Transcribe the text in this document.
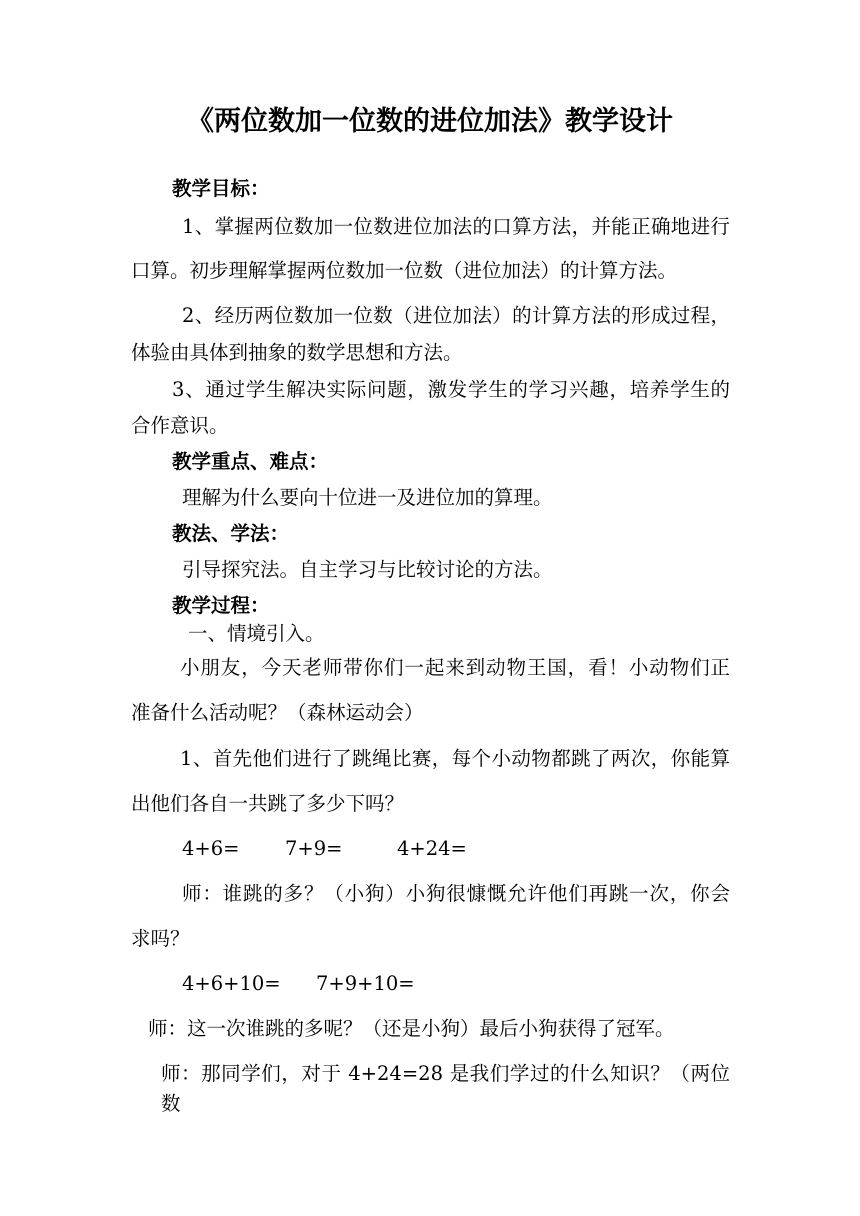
《两位数加一位数的进位加法》教学设计
教学目标：
1、掌握两位数加一位数进位加法的口算方法，并能正确地进行
口算。初步理解掌握两位数加一位数（进位加法）的计算方法。
2、经历两位数加一位数（进位加法）的计算方法的形成过程，
体验由具体到抽象的数学思想和方法。
3、通过学生解决实际问题，激发学生的学习兴趣，培养学生的
合作意识。
教学重点、难点：
理解为什么要向十位进一及进位加的算理。
教法、学法：
引导探究法。自主学习与比较讨论的方法。
教学过程：
一、情境引入。
小朋友，今天老师带你们一起来到动物王国，看！小动物们正
准备什么活动呢？（森林运动会）
1、首先他们进行了跳绳比赛，每个小动物都跳了两次，你能算
出他们各自一共跳了多少下吗？
4+6= 7+9=	4+24=
师：谁跳的多？（小狗）小狗很慷慨允许他们再跳一次，你会
求吗？
4+6+10= 7+9+10=
师：这一次谁跳的多呢？（还是小狗）最后小狗获得了冠军。
师：那同学们，对于 4+24=28 是我们学过的什么知识？（两位数
